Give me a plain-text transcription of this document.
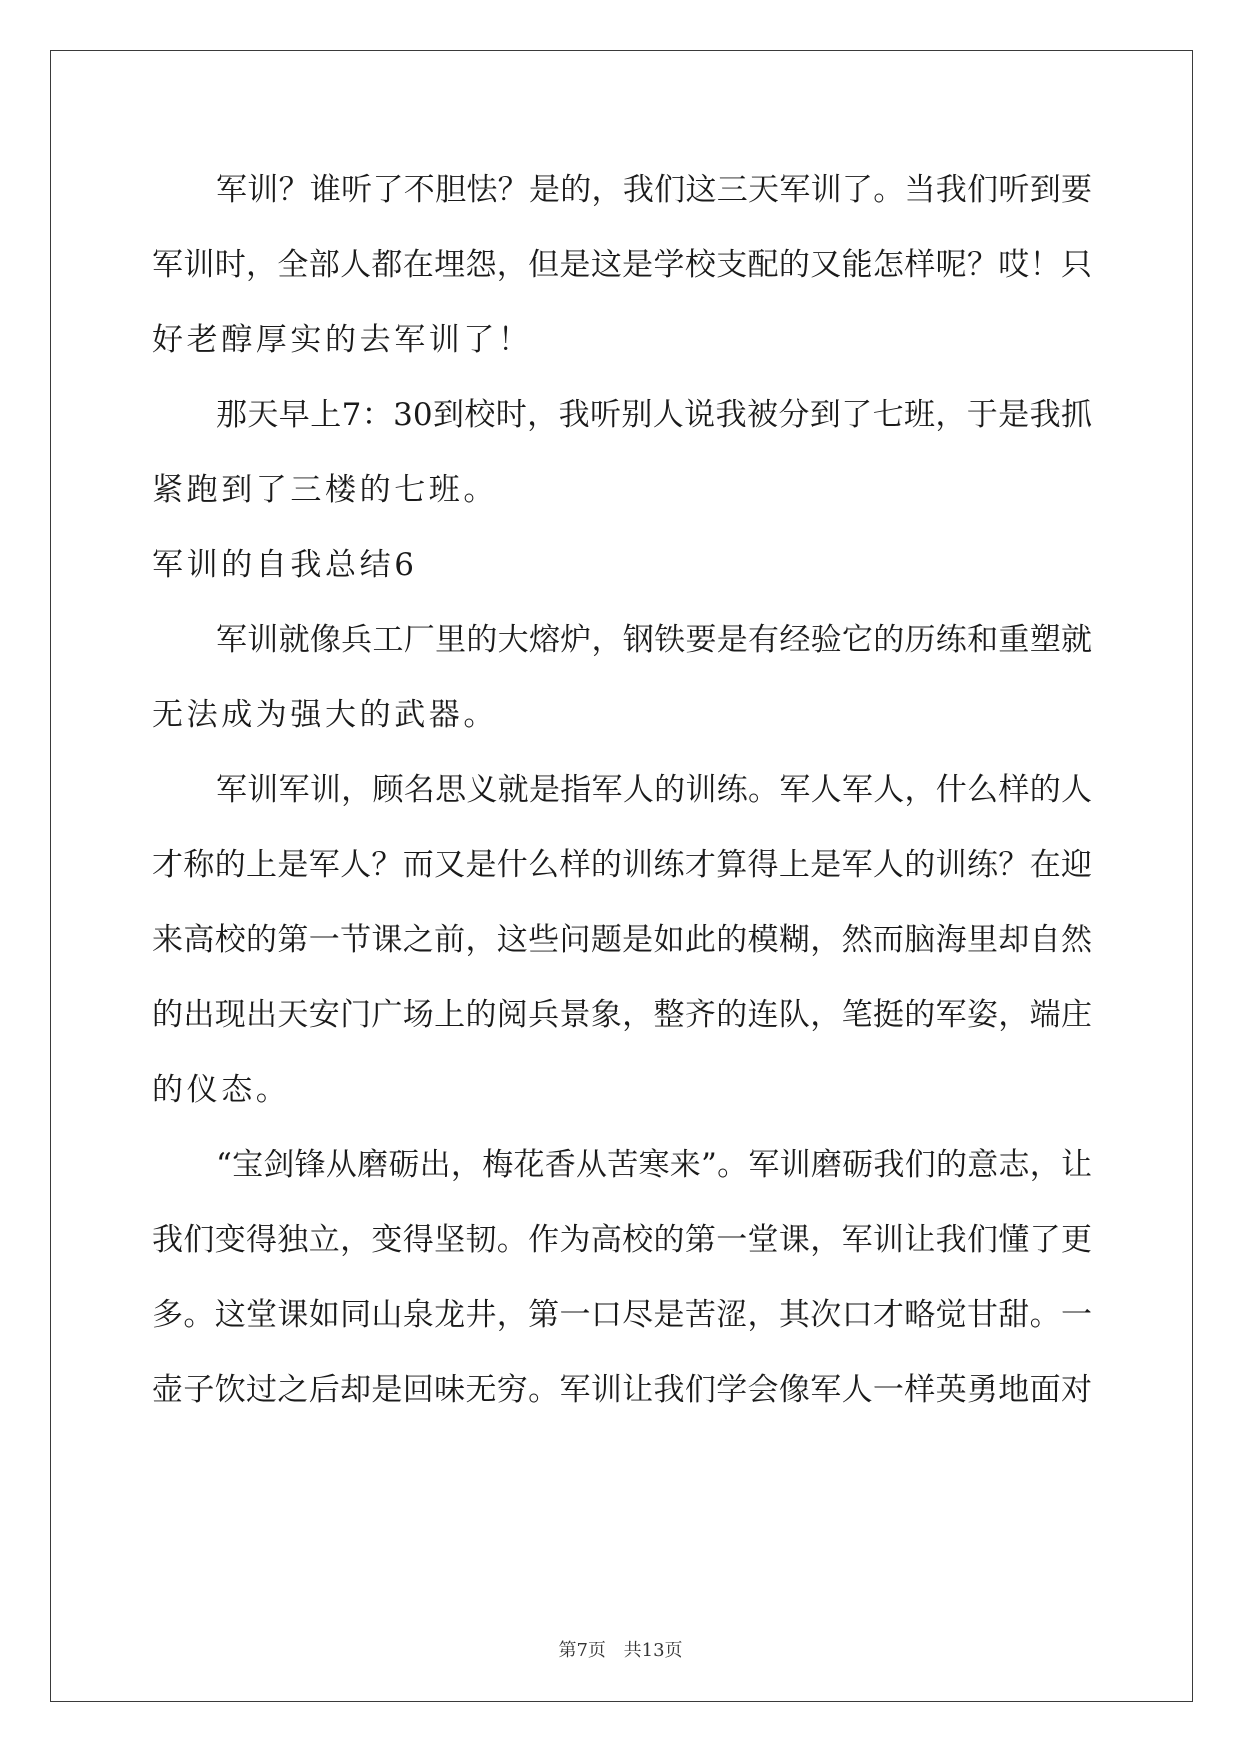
军训？谁听了不胆怯？是的，我们这三天军训了。当我们听到要
军训时，全部人都在埋怨，但是这是学校支配的又能怎样呢？哎！只
好老醇厚实的去军训了！
那天早上7：30到校时，我听别人说我被分到了七班，于是我抓
紧跑到了三楼的七班。
军训的自我总结6
军训就像兵工厂里的大熔炉，钢铁要是有经验它的历练和重塑就
无法成为强大的武器。
军训军训，顾名思义就是指军人的训练。军人军人，什么样的人
才称的上是军人？而又是什么样的训练才算得上是军人的训练？在迎
来高校的第一节课之前，这些问题是如此的模糊，然而脑海里却自然
的出现出天安门广场上的阅兵景象，整齐的连队，笔挺的军姿，端庄
的仪态。
“宝剑锋从磨砺出，梅花香从苦寒来”。军训磨砺我们的意志，让
我们变得独立，变得坚韧。作为高校的第一堂课，军训让我们懂了更
多。这堂课如同山泉龙井，第一口尽是苦涩，其次口才略觉甘甜。一
壶子饮过之后却是回味无穷。军训让我们学会像军人一样英勇地面对
第7页 共13页
